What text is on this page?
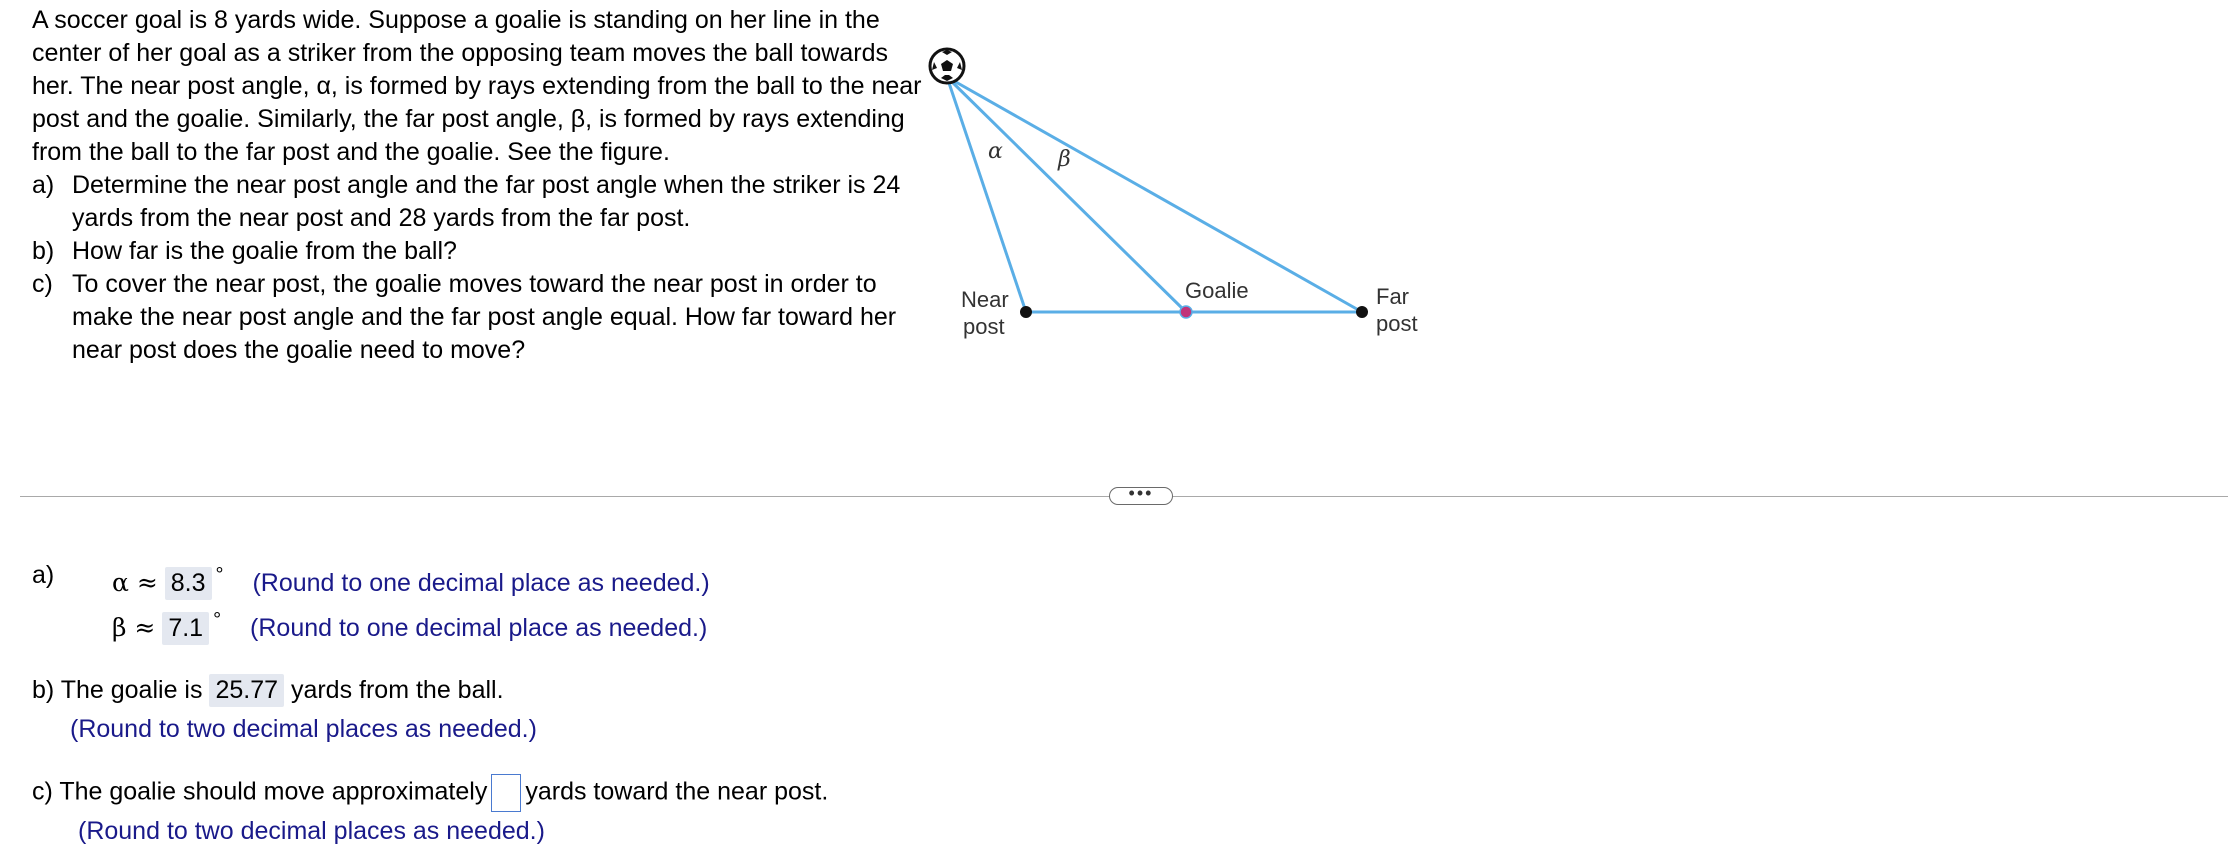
A soccer goal is 8 yards wide. Suppose a goalie is standing on her line in the center of her goal as a striker from the opposing team moves the ball towards her. The near post angle, α, is formed by rays extending from the ball to the near post and the goalie. Similarly, the far post angle, β, is formed by rays extending from the ball to the far post and the goalie. See the figure.

a) Determine the near post angle and the far post angle when the striker is 24 yards from the near post and 28 yards from the far post.
b) How far is the goalie from the ball?
c) To cover the near post, the goalie moves toward the near post in order to make the near post angle and the far post angle equal. How far toward her near post does the goalie need to move?
α	β
Near
post
Goalie	Far
post
•••
a) α ≈ 8.3 ° (Round to one decimal place as needed.)
β ≈ 7.1 ° (Round to one decimal place as needed.)
b) The goalie is 25.77 yards from the ball.
(Round to two decimal places as needed.)
c) The goalie should move approximately yards toward the near post.
(Round to two decimal places as needed.)
